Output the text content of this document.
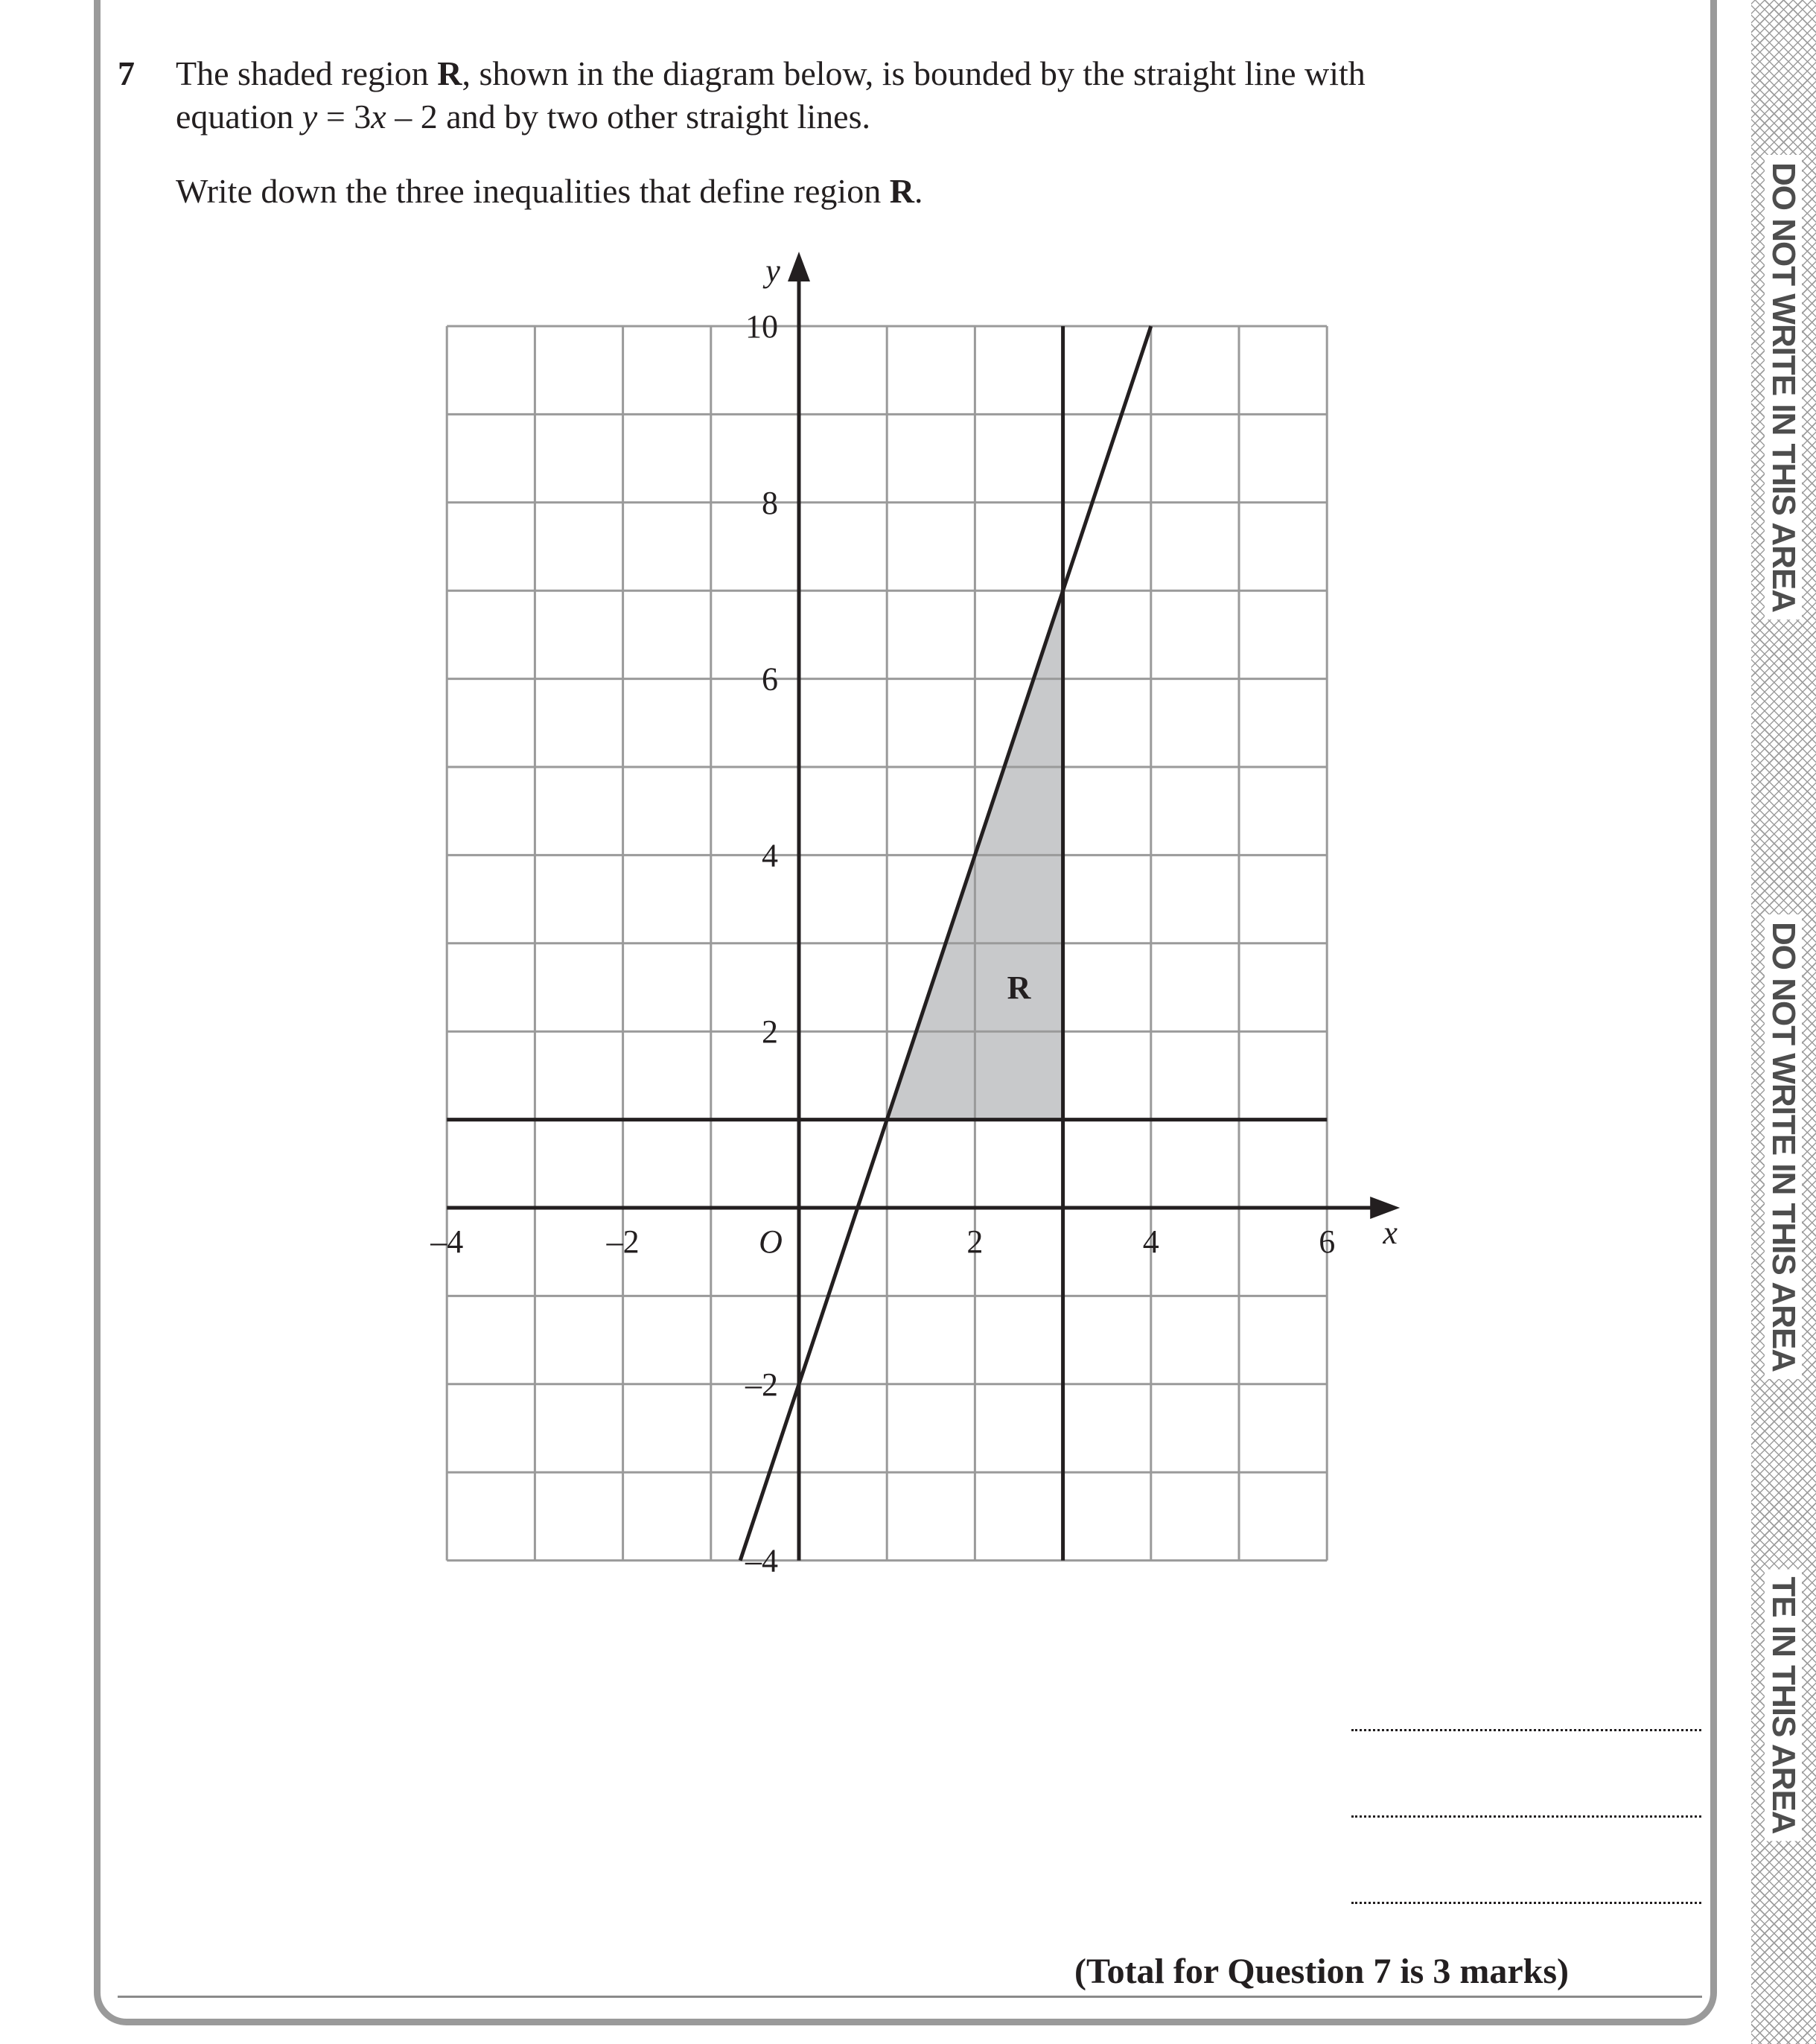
7 The shaded region R, shown in the diagram below, is bounded by the straight line with
equation y = 3x – 2 and by two other straight lines.
Write down the three inequalities that define region R.
–4	–2	2	4	6
10
8
6
4
2
–2
–4
O	x
y
R
(Total for Question 7 is 3 marks)
DO NOT WRITE IN THIS AREA
DO NOT WRITE IN THIS AREA
TE IN THIS AREA
